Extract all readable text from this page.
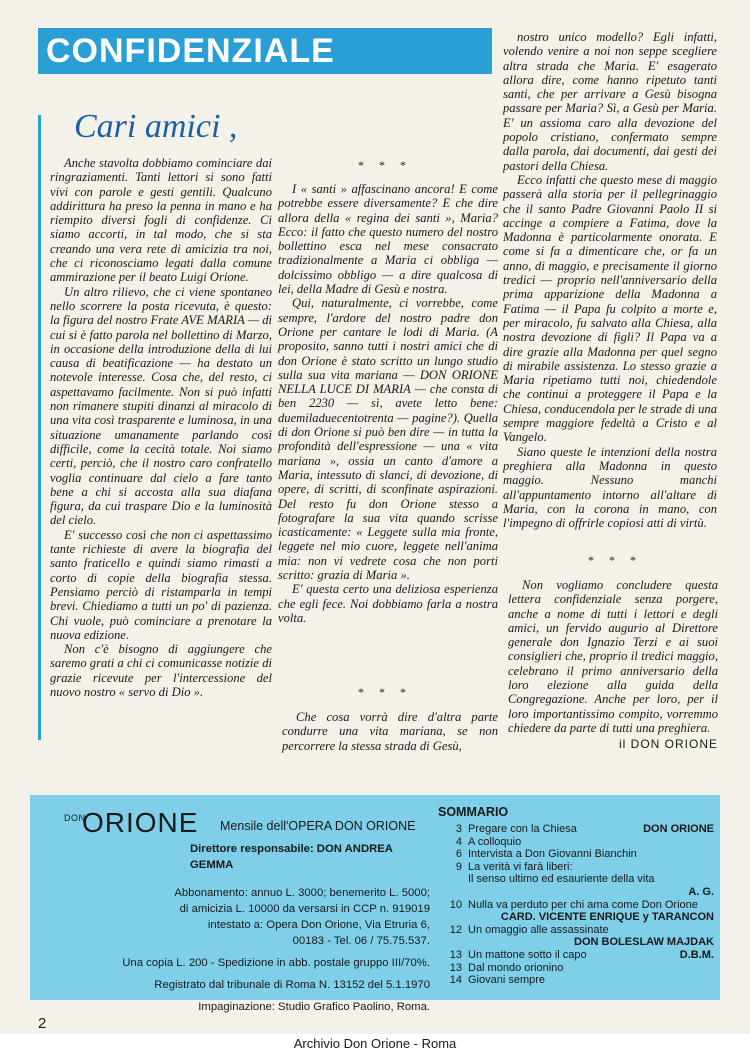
CONFIDENZIALE
Cari amici ,

Anche stavolta dobbiamo cominciare dai ringraziamenti. Tanti lettori si sono fatti vivi con parole e gesti gentili. Qualcuno addirittura ha preso la penna in mano e ha riempito diversi fogli di confidenze. Ci siamo accorti, in tal modo, che si sta creando una vera rete di amicizia tra noi, che ci riconosciamo legati dalla comune ammirazione per il beato Luigi Orione.

Un altro rilievo, che ci viene spontaneo nello scorrere la posta ricevuta, è questo: la figura del nostro Frate AVE MARIA — di cui si è fatto parola nel bollettino di Marzo, in occasione della introduzione della di lui causa di beatificazione — ha destato un notevole interesse. Cosa che, del resto, ci aspettavamo facilmente. Non si può infatti non rimanere stupiti dinanzi al miracolo di una vita così trasparente e luminosa, in una situazione umanamente parlando così difficile, come la cecità totale. Noi siamo certi, perciò, che il nostro caro confratello voglia continuare dal cielo a fare tanto bene a chi si accosta alla sua diafana figura, da cui traspare Dio e la luminosità del cielo.

E' successo così che non ci aspettassimo tante richieste di avere la biografia del santo fraticello e quindi siamo rimasti a corto di copie della biografia stessa. Pensiamo perciò di ristamparla in tempi brevi. Chiediamo a tutti un po' di pazienza. Chi vuole, può cominciare a prenotare la nuova edizione.

Non c'è bisogno di aggiungere che saremo grati a chi ci comunicasse notizie di grazie ricevute per l'intercessione del nuovo nostro « servo di Dio ».

* * *

I « santi » affascinano ancora! E come potrebbe essere diversamente? E che dire allora della « regina dei santi », Maria? Ecco: il fatto che questo numero del nostro bollettino esca nel mese consacrato tradizionalmente a Maria ci obbliga — dolcissimo obbligo — a dire qualcosa di lei, della Madre di Gesù e nostra.

Qui, naturalmente, ci vorrebbe, come sempre, l'ardore del nostro padre don Orione per cantare le lodi di Maria. (A proposito, sanno tutti i nostri amici che di don Orione è stato scritto un lungo studio sulla sua vita mariana — DON ORIONE NELLA LUCE DI MARIA — che consta di ben 2230 — sì, avete letto bene: duemiladuecentotrenta — pagine?). Quella di don Orione si può ben dire — in tutta la profondità dell'espressione — una « vita mariana », ossia un canto d'amore a Maria, intessuto di slanci, di devozione, di opere, di scritti, di sconfinate aspirazioni. Del resto fu don Orione stesso a fotografare la sua vita quando scrisse icasticamente: « Leggete sulla mia fronte, leggete nel mio cuore, leggete nell'anima mia: non vi vedrete cosa che non porti scritto: grazia di Maria ».

E' questa certo una deliziosa esperienza che egli fece. Noi dobbiamo farla a nostra volta.

* * *

Che cosa vorrà dire d'altra parte condurre una vita mariana, se non percorrere la stessa strada di Gesù,

nostro unico modello? Egli infatti, volendo venire a noi non seppe scegliere altra strada che Maria. E' esagerato allora dire, come hanno ripetuto tanti santi, che per arrivare a Gesù bisogna passare per Maria? Sì, a Gesù per Maria. E' un assioma caro alla devozione del popolo cristiano, confermato sempre dalla parola, dai documenti, dai gesti dei pastori della Chiesa.

Ecco infatti che questo mese di maggio passerà alla storia per il pellegrinaggio che il santo Padre Giovanni Paolo II si accinge a compiere a Fatima, dove la Madonna è particolarmente onorata. E come si fa a dimenticare che, or fa un anno, di maggio, e precisamente il giorno tredici — proprio nell'anniversario della prima apparizione della Madonna a Fatima — il Papa fu colpito a morte e, per miracolo, fu salvato alla Chiesa, alla nostra devozione di figli? Il Papa va a dire grazie alla Madonna per quel segno di mirabile assistenza. Lo stesso grazie a Maria ripetiamo tutti noi, chiedendole che continui a proteggere il Papa e la Chiesa, conducendola per le strade di una sempre maggiore fedeltà a Cristo e al Vangelo.

Siano queste le intenzioni della nostra preghiera alla Madonna in questo maggio. Nessuno manchi all'appuntamento intorno all'altare di Maria, con la corona in mano, con l'impegno di offrirle copiosi atti di virtù.

* * *

Non vogliamo concludere questa lettera confidenziale senza porgere, anche a nome di tutti i lettori e degli amici, un fervido augurio al Direttore generale don Ignazio Terzi e ai suoi consiglieri che, proprio il tredici maggio, celebrano il primo anniversario della loro elezione alla guida della Congregazione. Anche per loro, per il loro importantissimo compito, vorremmo chiedere da parte di tutti una preghiera.

il DON ORIONE
DON
ORIONE Mensile dell'OPERA DON ORIONE

Direttore responsabile: DON ANDREA GEMMA

Abbonamento: annuo L. 3000; benemerito L. 5000;

di amicizia L. 10000 da versarsi in CCP n. 919019

intestato a: Opera Don Orione, Via Etruria 6,

00183 - Tel. 06 / 75.75.537.

Una copia L. 200 - Spedizione in abb. postale gruppo III/70%.

Registrato dal tribunale di Roma N. 13152 del 5.1.1970

Impaginazione: Studio Grafico Paolino, Roma.

SOMMARIO
3 Pregare con la Chiesa	DON ORIONE
4 A colloquio
6 Intervista a Don Giovanni Bianchin
9 La verità vi farà liberi:
Il senso ultimo ed esauriente della vita
A. G.
10 Nulla va perduto per chi ama come Don Orione
CARD. VICENTE ENRIQUE y TARANCON
12 Un omaggio alle assassinate
DON BOLESLAW MAJDAK
13 Un mattone sotto il capo	D.B.M.
13 Dal mondo orionino
14 Giovani sempre
2
Archivio Don Orione - Roma
